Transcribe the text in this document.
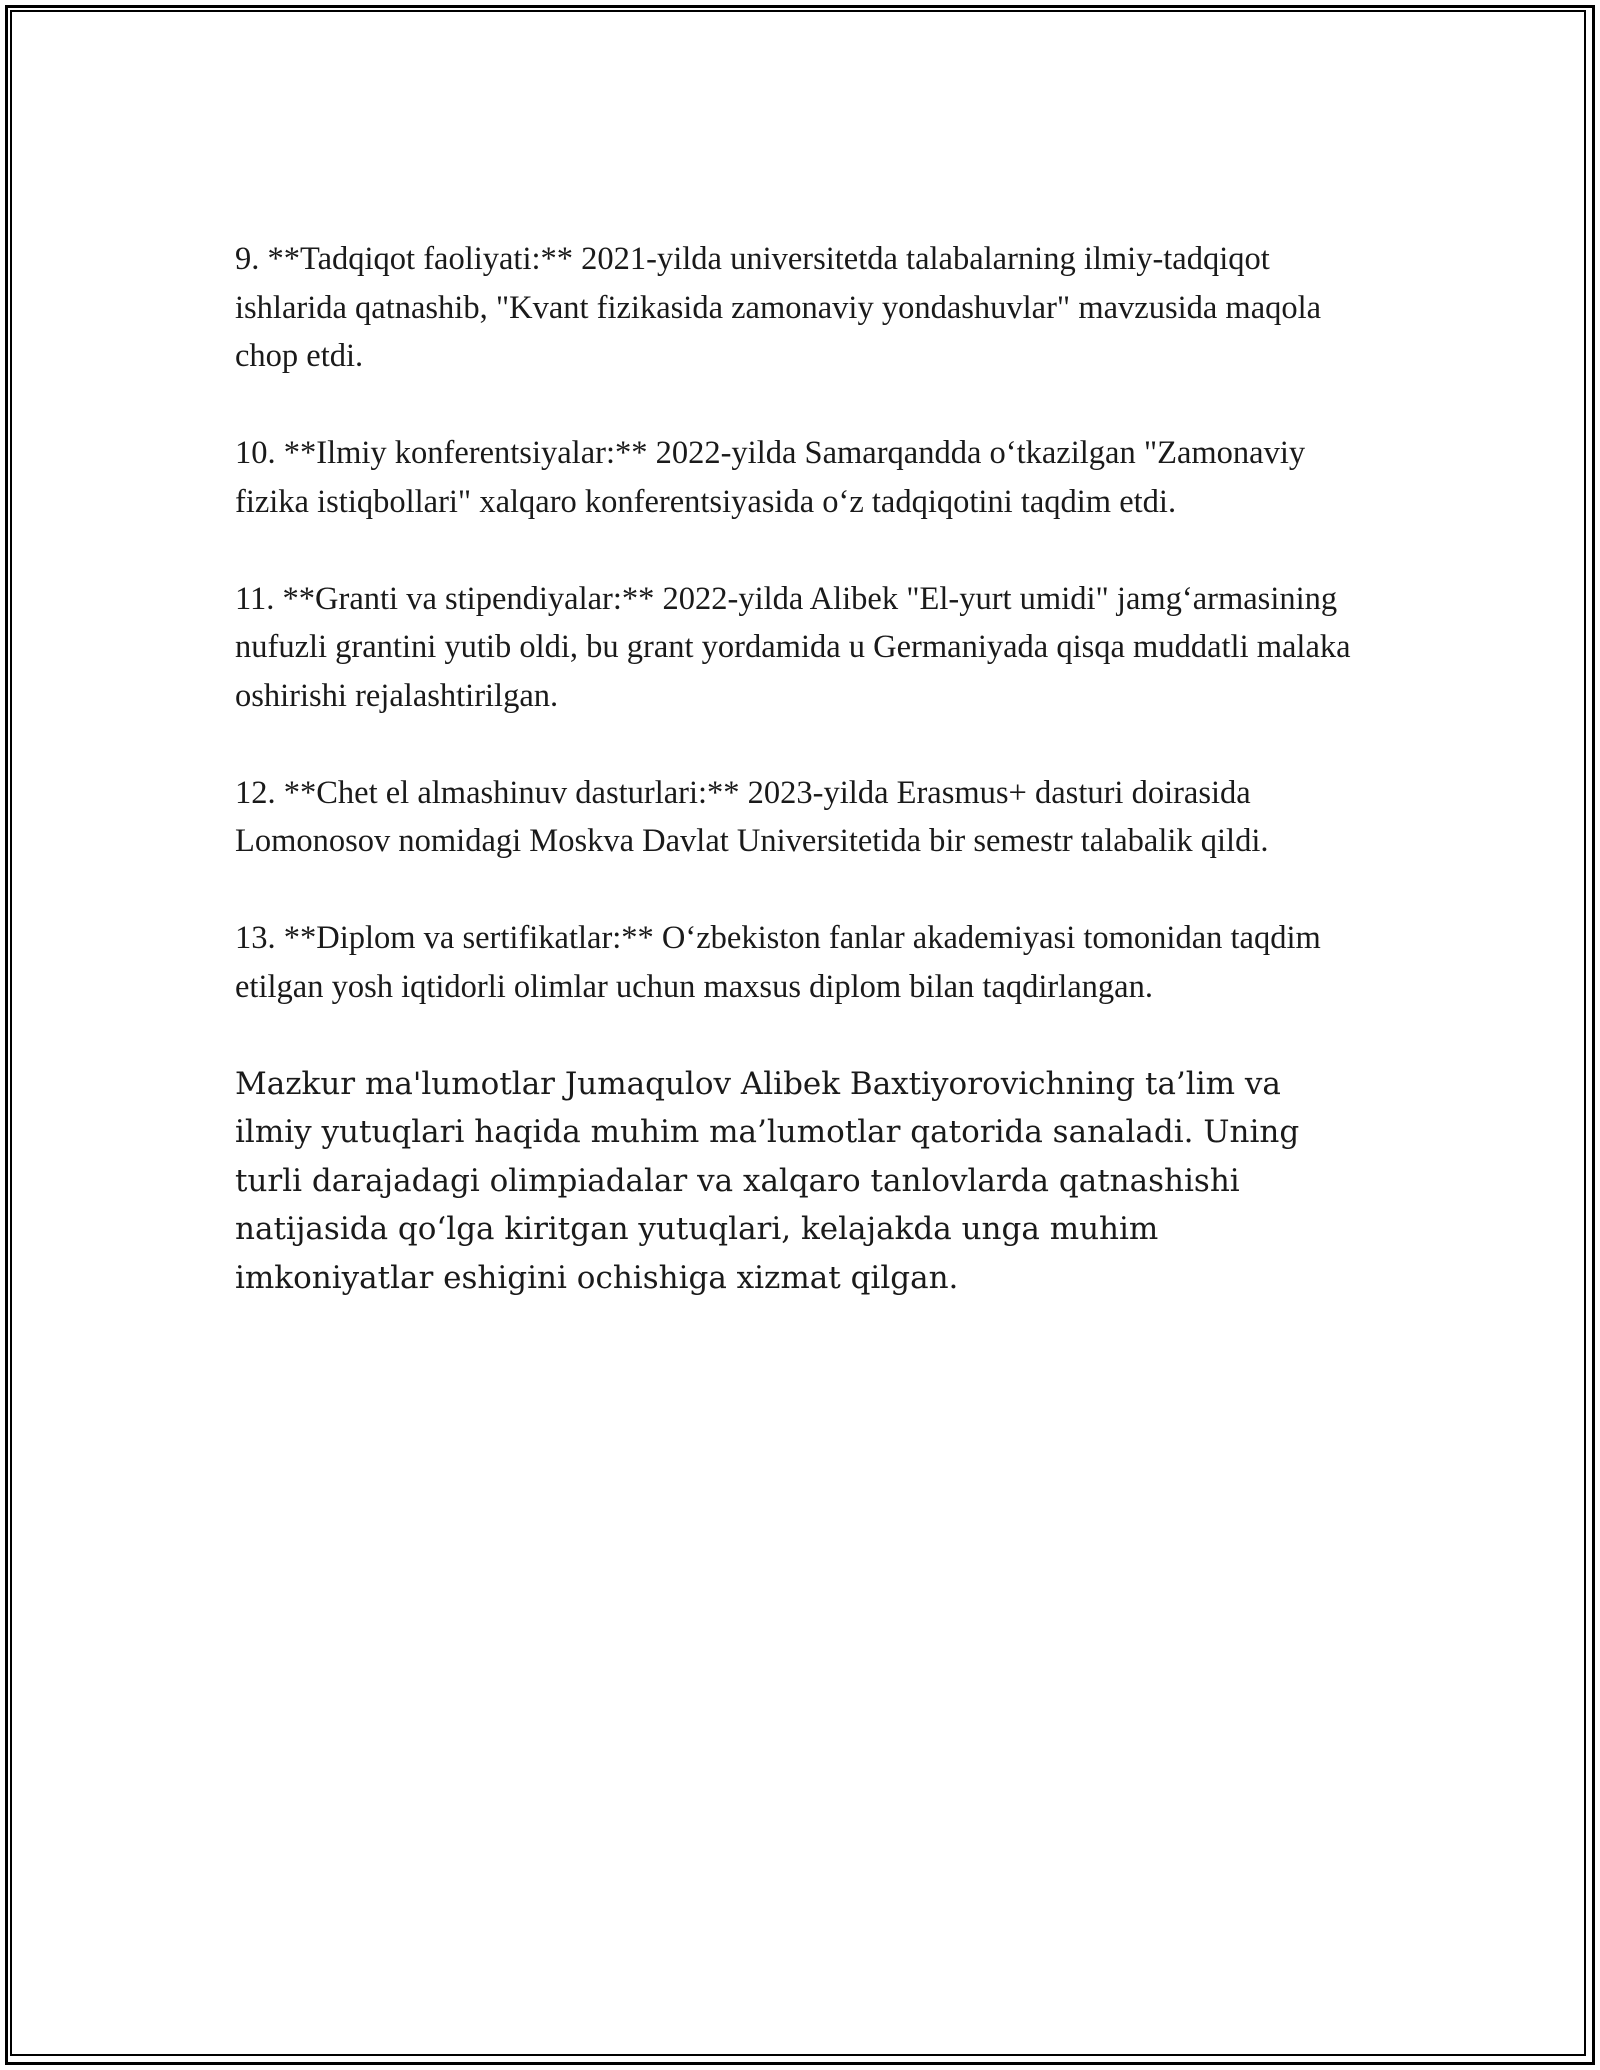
9. **Tadqiqot faoliyati:** 2021-yilda universitetda talabalarning ilmiy-tadqiqot ishlarida qatnashib, "Kvant fizikasida zamonaviy yondashuvlar" mavzusida maqola chop etdi.

10. **Ilmiy konferentsiyalar:** 2022-yilda Samarqandda o‘tkazilgan "Zamonaviy fizika istiqbollari" xalqaro konferentsiyasida o‘z tadqiqotini taqdim etdi.

11. **Granti va stipendiyalar:** 2022-yilda Alibek "El-yurt umidi" jamg‘armasining nufuzli grantini yutib oldi, bu grant yordamida u Germaniyada qisqa muddatli malaka oshirishi rejalashtirilgan.

12. **Chet el almashinuv dasturlari:** 2023-yilda Erasmus+ dasturi doirasida Lomonosov nomidagi Moskva Davlat Universitetida bir semestr talabalik qildi.

13. **Diplom va sertifikatlar:** O‘zbekiston fanlar akademiyasi tomonidan taqdim etilgan yosh iqtidorli olimlar uchun maxsus diplom bilan taqdirlangan.

Mazkur ma'lumotlar Jumaqulov Alibek Baxtiyorovichning ta’lim va ilmiy yutuqlari haqida muhim ma’lumotlar qatorida sanaladi. Uning turli darajadagi olimpiadalar va xalqaro tanlovlarda qatnashishi natijasida qo‘lga kiritgan yutuqlari, kelajakda unga muhim imkoniyatlar eshigini ochishiga xizmat qilgan.
